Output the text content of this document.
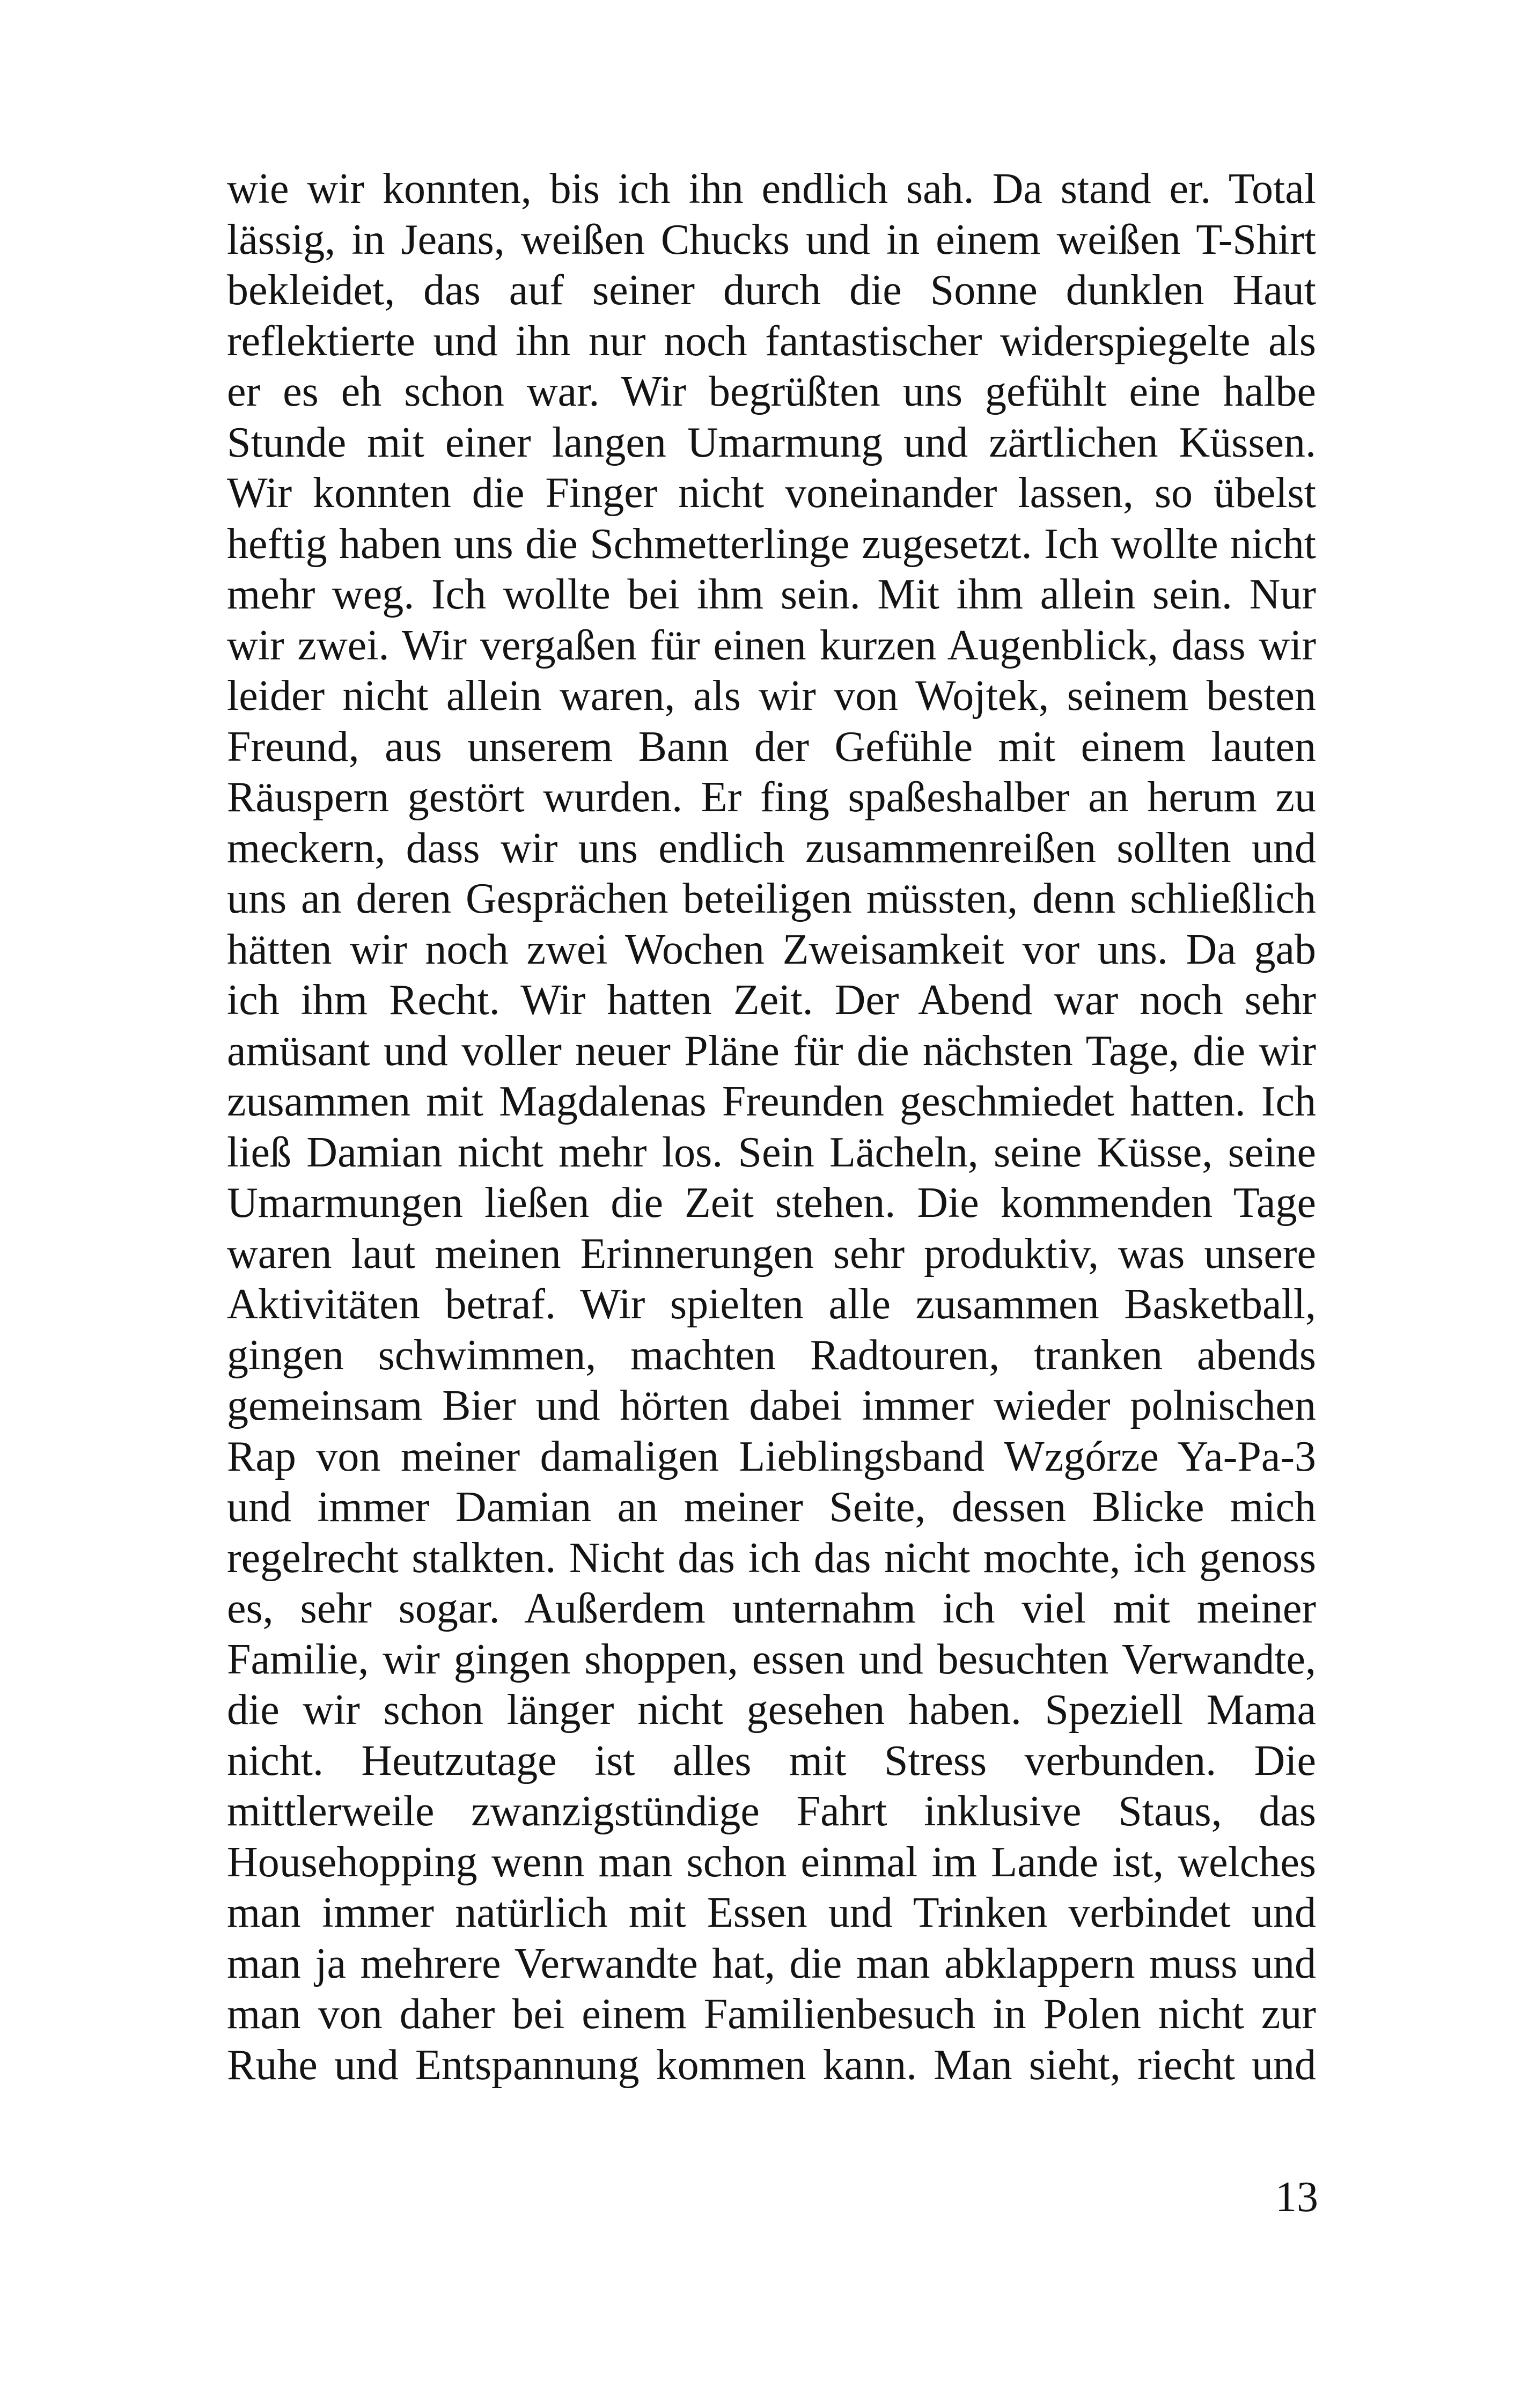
wie wir konnten, bis ich ihn endlich sah. Da stand er. Total
lässig, in Jeans, weißen Chucks und in einem weißen T-Shirt
bekleidet, das auf seiner durch die Sonne dunklen Haut
reflektierte und ihn nur noch fantastischer widerspiegelte als
er es eh schon war. Wir begrüßten uns gefühlt eine halbe
Stunde mit einer langen Umarmung und zärtlichen Küssen.
Wir konnten die Finger nicht voneinander lassen, so übelst
heftig haben uns die Schmetterlinge zugesetzt. Ich wollte nicht
mehr weg. Ich wollte bei ihm sein. Mit ihm allein sein. Nur
wir zwei. Wir vergaßen für einen kurzen Augenblick, dass wir
leider nicht allein waren, als wir von Wojtek, seinem besten
Freund, aus unserem Bann der Gefühle mit einem lauten
Räuspern gestört wurden. Er fing spaßeshalber an herum zu
meckern, dass wir uns endlich zusammenreißen sollten und
uns an deren Gesprächen beteiligen müssten, denn schließlich
hätten wir noch zwei Wochen Zweisamkeit vor uns. Da gab
ich ihm Recht. Wir hatten Zeit. Der Abend war noch sehr
amüsant und voller neuer Pläne für die nächsten Tage, die wir
zusammen mit Magdalenas Freunden geschmiedet hatten. Ich
ließ Damian nicht mehr los. Sein Lächeln, seine Küsse, seine
Umarmungen ließen die Zeit stehen. Die kommenden Tage
waren laut meinen Erinnerungen sehr produktiv, was unsere
Aktivitäten betraf. Wir spielten alle zusammen Basketball,
gingen schwimmen, machten Radtouren, tranken abends
gemeinsam Bier und hörten dabei immer wieder polnischen
Rap von meiner damaligen Lieblingsband Wzgórze Ya-Pa-3
und immer Damian an meiner Seite, dessen Blicke mich
regelrecht stalkten. Nicht das ich das nicht mochte, ich genoss
es, sehr sogar. Außerdem unternahm ich viel mit meiner
Familie, wir gingen shoppen, essen und besuchten Verwandte,
die wir schon länger nicht gesehen haben. Speziell Mama
nicht. Heutzutage ist alles mit Stress verbunden. Die
mittlerweile zwanzigstündige Fahrt inklusive Staus, das
Househopping wenn man schon einmal im Lande ist, welches
man immer natürlich mit Essen und Trinken verbindet und
man ja mehrere Verwandte hat, die man abklappern muss und
man von daher bei einem Familienbesuch in Polen nicht zur
Ruhe und Entspannung kommen kann. Man sieht, riecht und
13
